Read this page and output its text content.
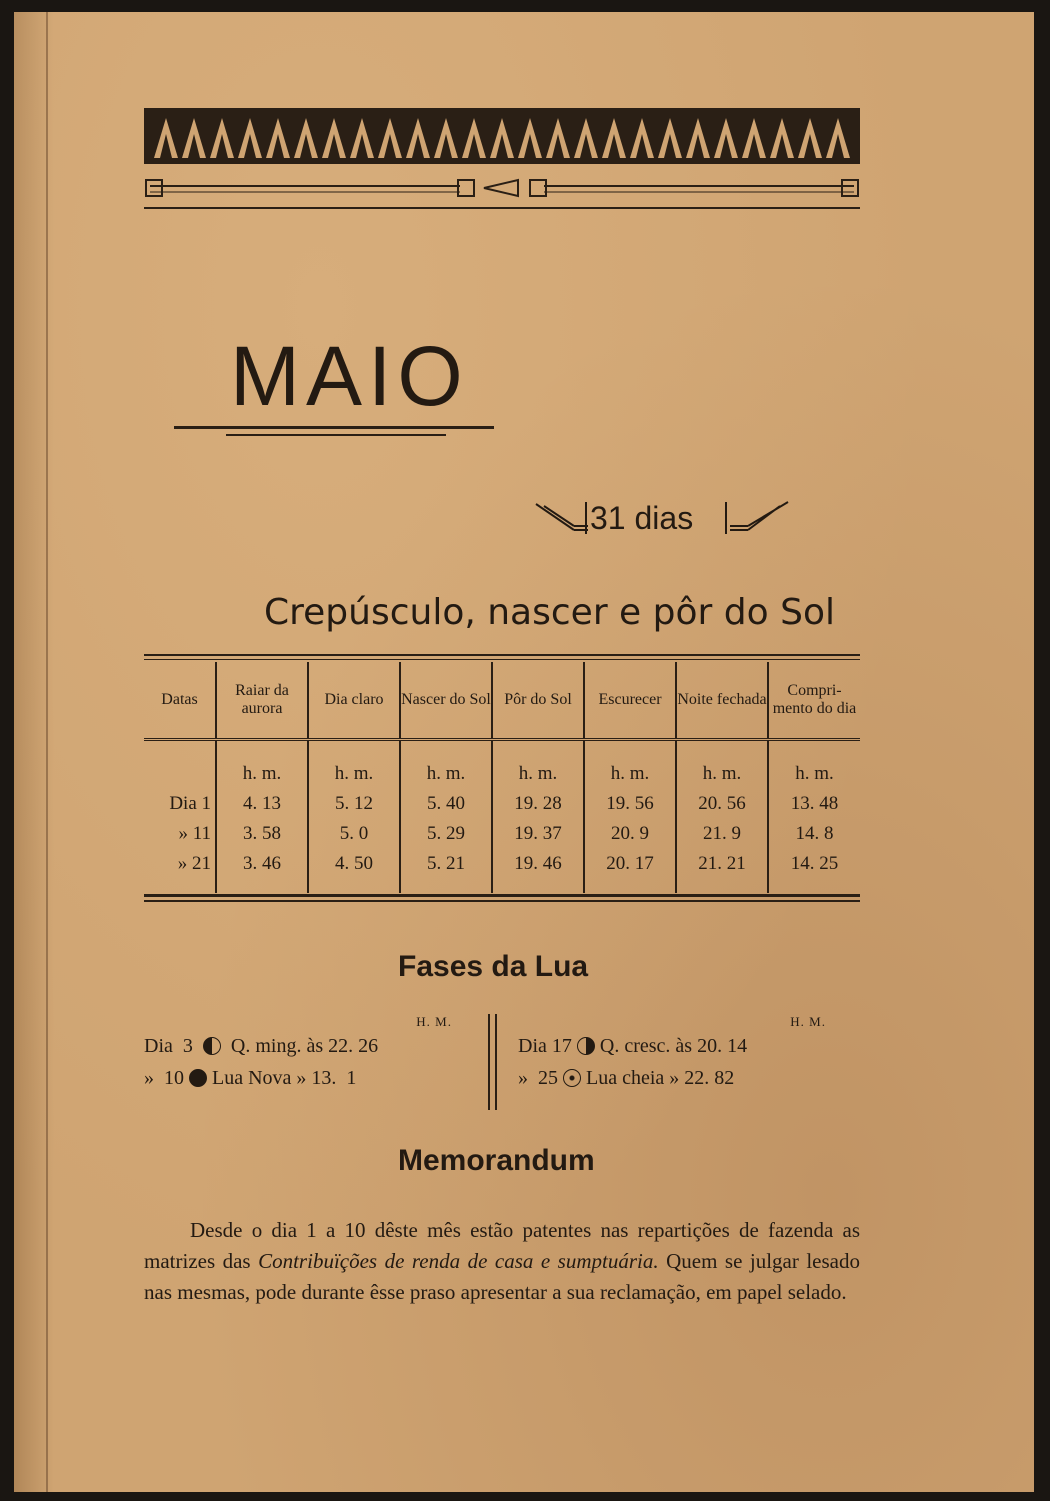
MAIO
31 dias
Crepúsculo, nascer e pôr do Sol
Datas	Raiar da aurora	Dia claro	Nascer do Sol	Pôr do Sol	Escurecer	Noite fechada	Compri-mento do dia
	h. m.	h. m.	h. m.	h. m.	h. m.	h. m.	h. m.
Dia 1	4. 13	5. 12	5. 40	19. 28	19. 56	20. 56	13. 48
» 11	3. 58	5. 0	5. 29	19. 37	20. 9	21. 9	14. 8
» 21	3. 46	4. 50	5. 21	19. 46	20. 17	21. 21	14. 25
Fases da Lua
H. M.
Dia  3 Q. ming. às 22. 26
»  10 Lua Nova » 13.  1
H. M.
Dia 17 Q. cresc. às 20. 14
»  25 Lua cheia » 22. 82
Memorandum
Desde o dia 1 a 10 dêste mês estão patentes nas repartições de fazenda as matrizes das Contribuïções de renda de casa e sumptuária. Quem se julgar lesado nas mesmas, pode durante êsse praso apresentar a sua reclamação, em papel selado.
